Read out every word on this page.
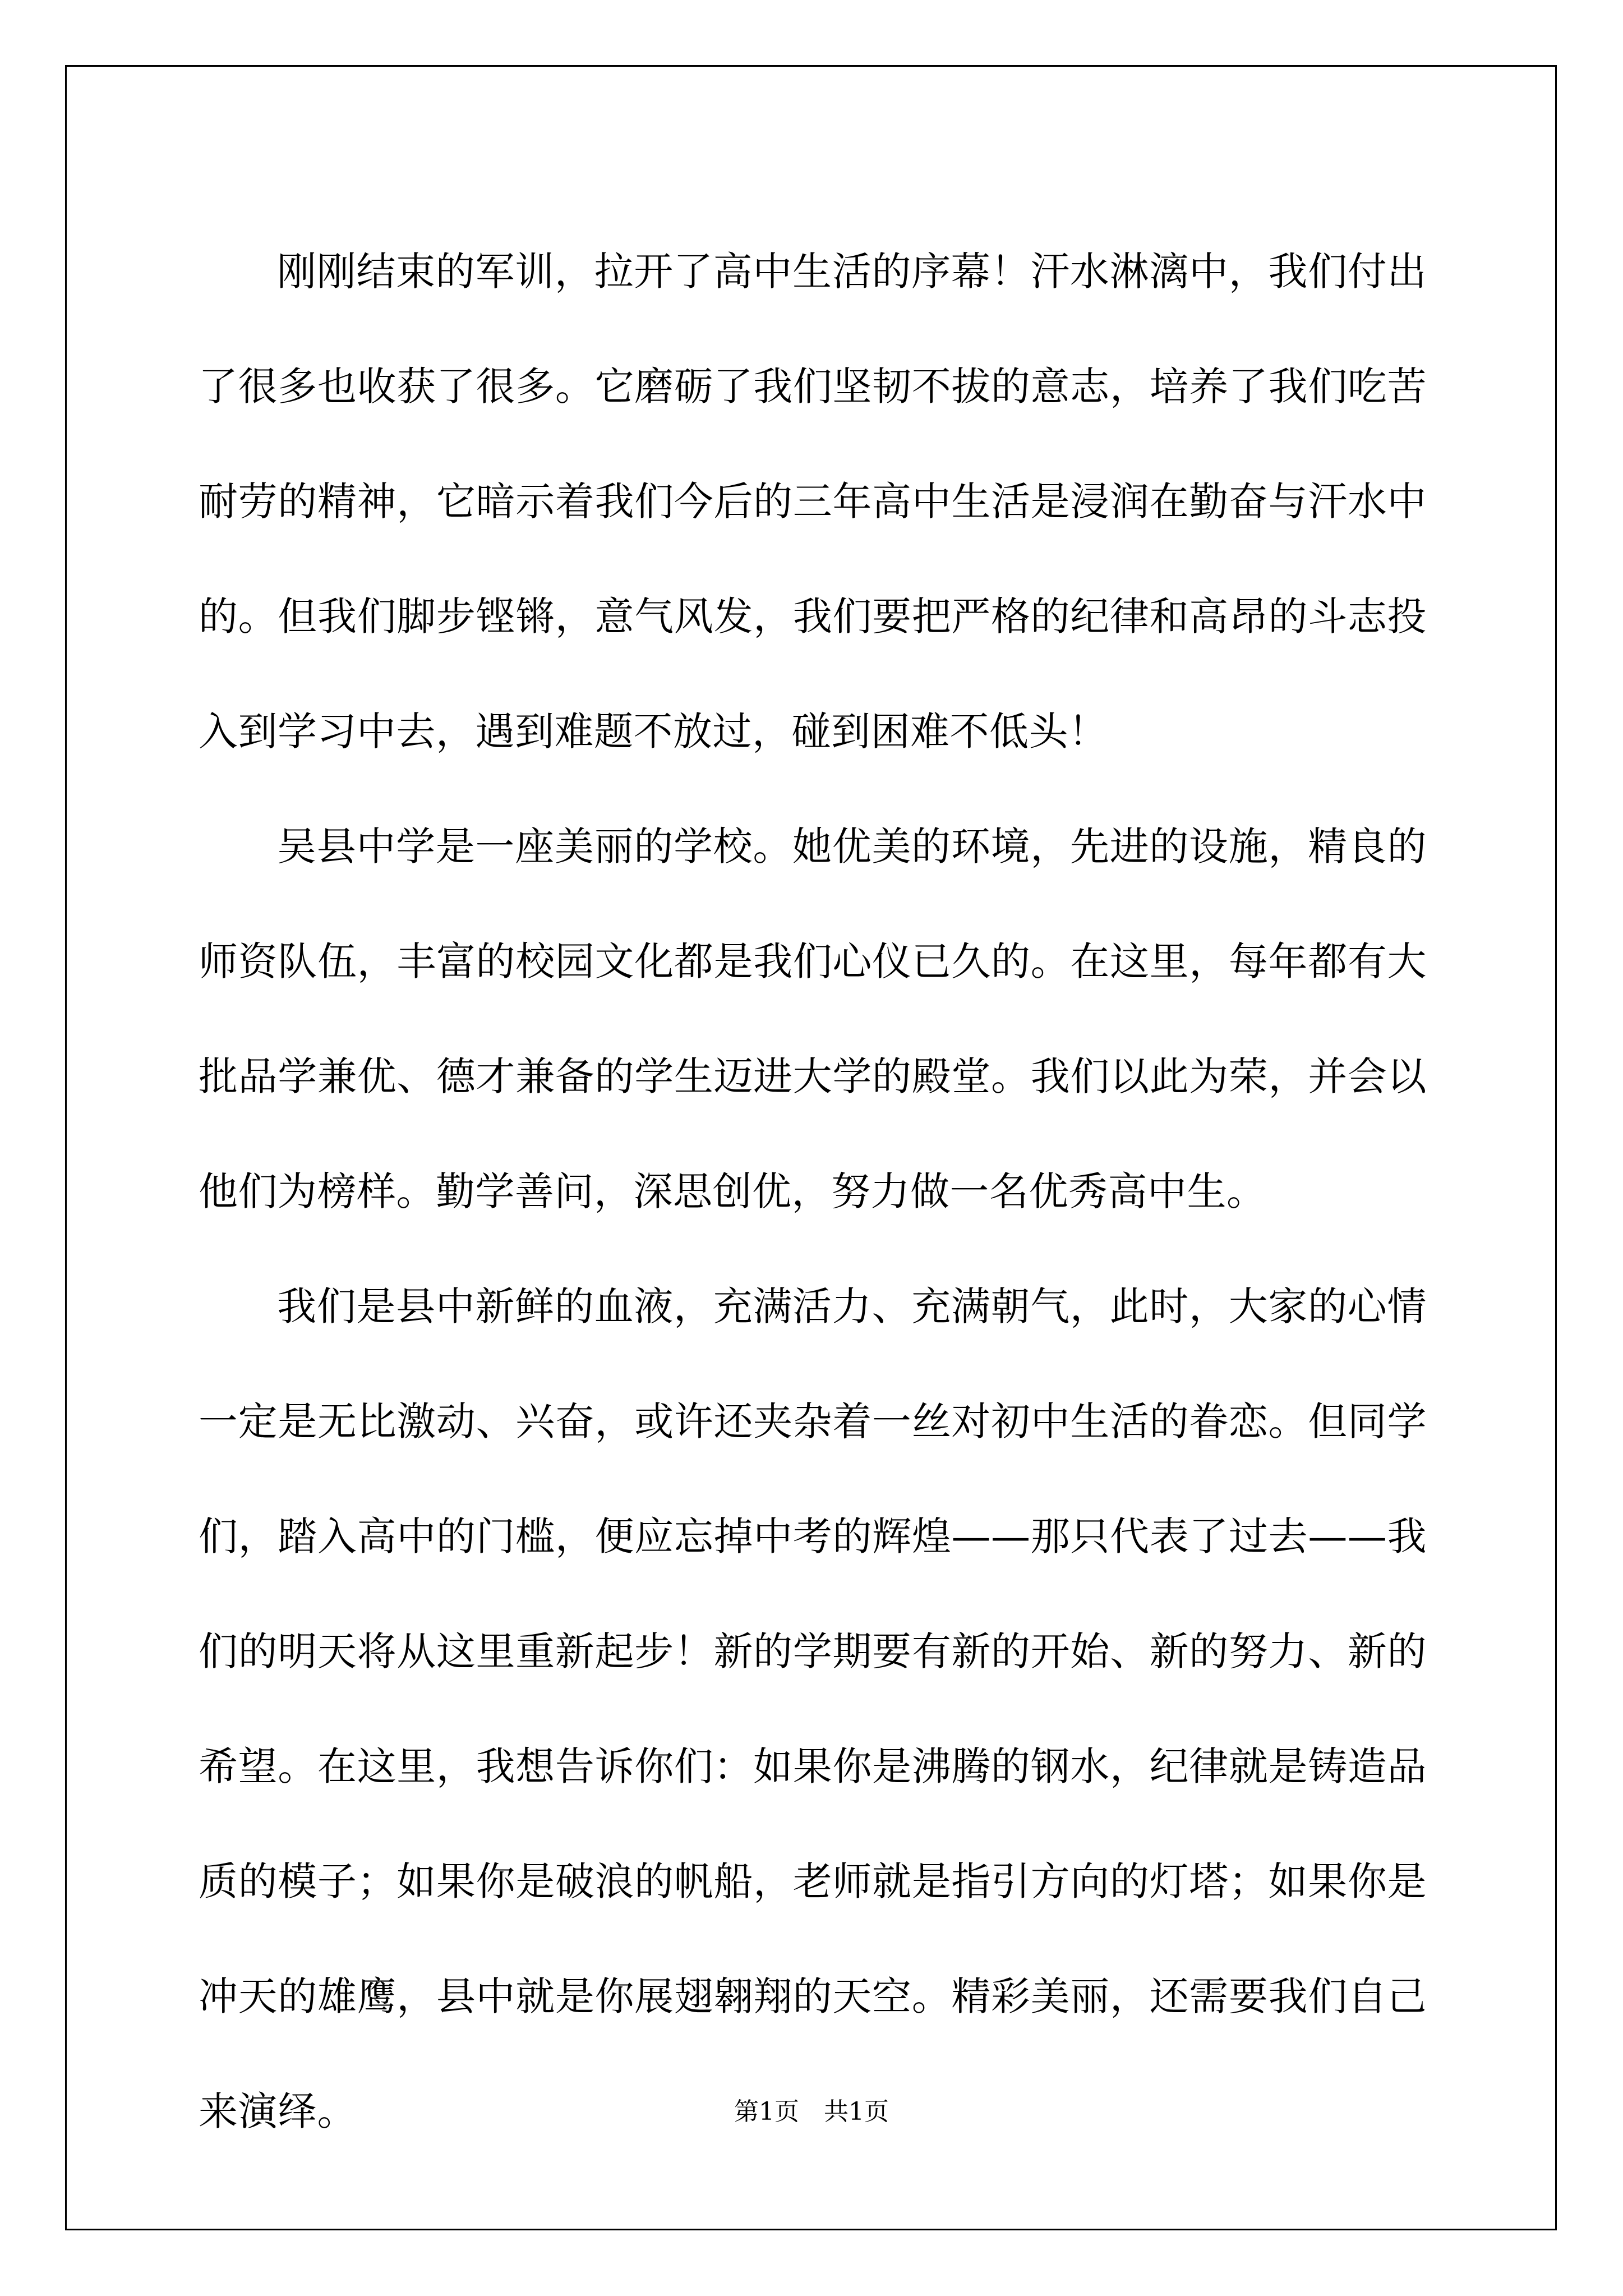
刚刚结束的军训，拉开了高中生活的序幕！汗水淋漓中，我们付出了很多也收获了很多。它磨砺了我们坚韧不拔的意志，培养了我们吃苦耐劳的精神，它暗示着我们今后的三年高中生活是浸润在勤奋与汗水中的。但我们脚步铿锵，意气风发，我们要把严格的纪律和高昂的斗志投入到学习中去，遇到难题不放过，碰到困难不低头！

吴县中学是一座美丽的学校。她优美的环境，先进的设施，精良的师资队伍，丰富的校园文化都是我们心仪已久的。在这里，每年都有大批品学兼优、德才兼备的学生迈进大学的殿堂。我们以此为荣，并会以他们为榜样。勤学善问，深思创优，努力做一名优秀高中生。

我们是县中新鲜的血液，充满活力、充满朝气，此时，大家的心情一定是无比激动、兴奋，或许还夹杂着一丝对初中生活的眷恋。但同学们，踏入高中的门槛，便应忘掉中考的辉煌——那只代表了过去——我们的明天将从这里重新起步！新的学期要有新的开始、新的努力、新的希望。在这里，我想告诉你们：如果你是沸腾的钢水，纪律就是铸造品质的模子；如果你是破浪的帆船，老师就是指引方向的灯塔；如果你是冲天的雄鹰，县中就是你展翅翱翔的天空。精彩美丽，还需要我们自己来演绎。	第1页　共1页
